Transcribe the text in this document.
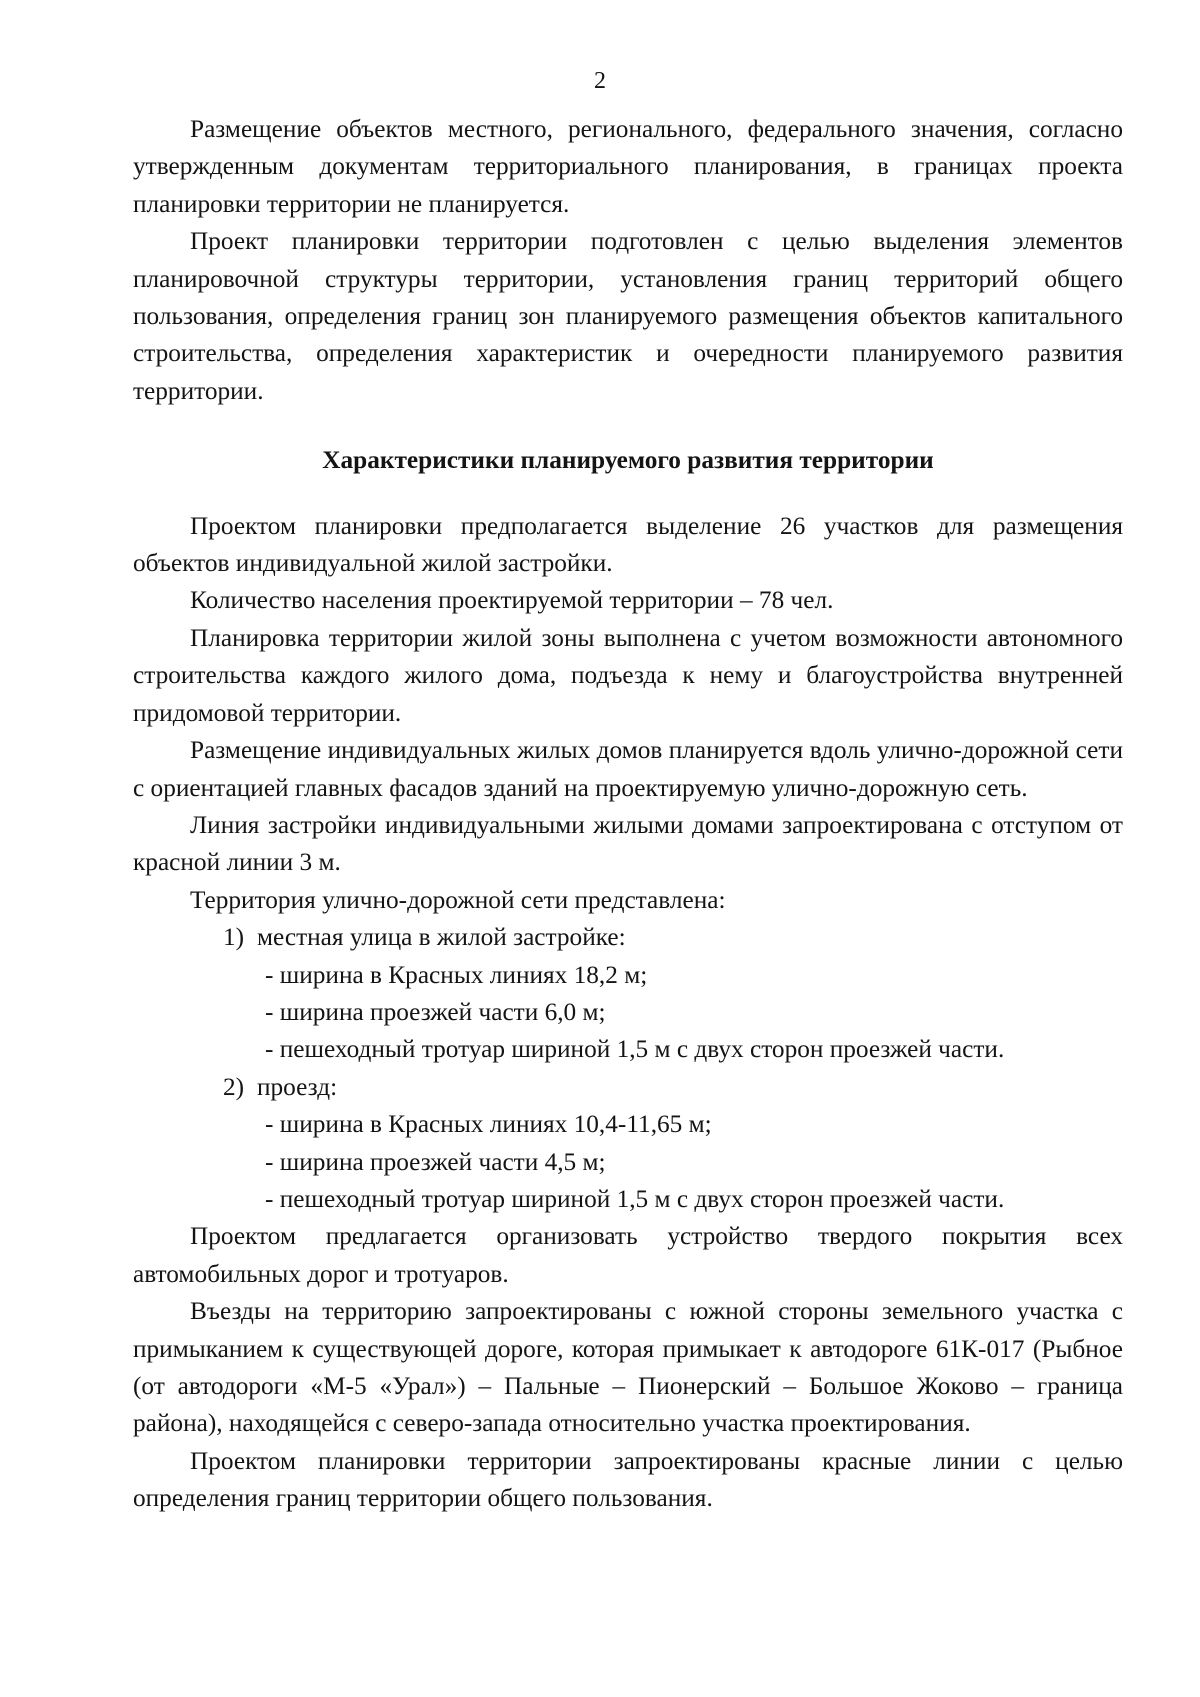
2

Размещение объектов местного, регионального, федерального значения, согласно утвержденным документам территориального планирования, в границах проекта планировки территории не планируется.

Проект планировки территории подготовлен с целью выделения элементов планировочной структуры территории, установления границ территорий общего пользования, определения границ зон планируемого размещения объектов капитального строительства, определения характеристик и очередности планируемого развития территории.

Характеристики планируемого развития территории

Проектом планировки предполагается выделение 26 участков для размещения объектов индивидуальной жилой застройки.

Количество населения проектируемой территории – 78 чел.

Планировка территории жилой зоны выполнена с учетом возможности автономного строительства каждого жилого дома, подъезда к нему и благоустройства внутренней придомовой территории.

Размещение индивидуальных жилых домов планируется вдоль улично-дорожной сети с ориентацией главных фасадов зданий на проектируемую улично-дорожную сеть.

Линия застройки индивидуальными жилыми домами запроектирована с отступом от красной линии 3 м.

Территория улично-дорожной сети представлена:

1) местная улица в жилой застройке:

- ширина в Красных линиях 18,2 м;

- ширина проезжей части 6,0 м;

- пешеходный тротуар шириной 1,5 м с двух сторон проезжей части.

2) проезд:

- ширина в Красных линиях 10,4-11,65 м;

- ширина проезжей части 4,5 м;

- пешеходный тротуар шириной 1,5 м с двух сторон проезжей части.

Проектом предлагается организовать устройство твердого покрытия всех автомобильных дорог и тротуаров.

Въезды на территорию запроектированы с южной стороны земельного участка с примыканием к существующей дороге, которая примыкает к автодороге 61К-017 (Рыбное (от автодороги «М-5 «Урал») – Пальные – Пионерский – Большое Жоково – граница района), находящейся с северо-запада относительно участка проектирования.

Проектом планировки территории запроектированы красные линии с целью определения границ территории общего пользования.
